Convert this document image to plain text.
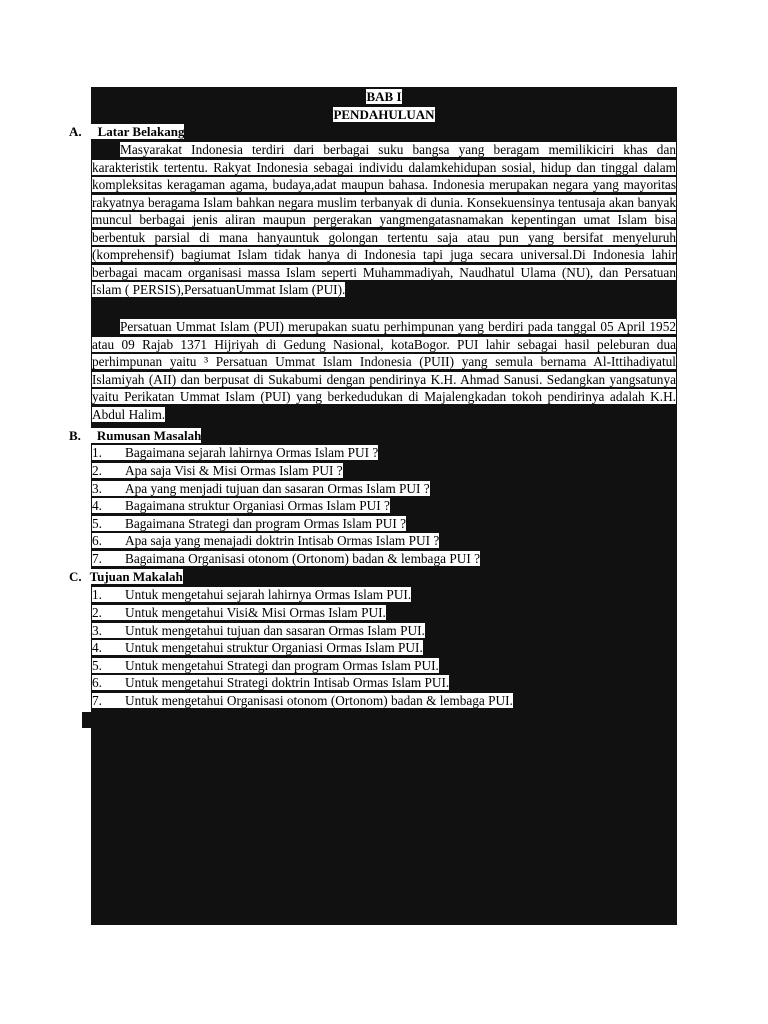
BAB I
PENDAHULUAN
A. Latar Belakang

Masyarakat Indonesia terdiri dari berbagai suku bangsa yang beragam memilikiciri khas dan karakteristik tertentu. Rakyat Indonesia sebagai individu dalamkehidupan sosial, hidup dan tinggal dalam kompleksitas keragaman agama, budaya,adat maupun bahasa. Indonesia merupakan negara yang mayoritas rakyatnya beragama Islam bahkan negara muslim terbanyak di dunia. Konsekuensinya tentusaja akan banyak muncul berbagai jenis aliran maupun pergerakan yangmengatasnamakan kepentingan umat Islam bisa berbentuk parsial di mana hanyauntuk golongan tertentu saja atau pun yang bersifat menyeluruh (komprehensif) bagiumat Islam tidak hanya di Indonesia tapi juga secara universal.Di Indonesia lahir berbagai macam organisasi massa Islam seperti Muhammadiyah, Naudhatul Ulama (NU), dan Persatuan Islam ( PERSIS),PersatuanUmmat Islam (PUI).

Persatuan Ummat Islam (PUI) merupakan suatu perhimpunan yang berdiri pada tanggal 05 April 1952 atau 09 Rajab 1371 Hijriyah di Gedung Nasional, kotaBogor. PUI lahir sebagai hasil peleburan dua perhimpunan yaitu ³ Persatuan Ummat Islam Indonesia (PUII) yang semula bernama Al-Ittihadiyatul Islamiyah (AII) dan berpusat di Sukabumi dengan pendirinya K.H. Ahmad Sanusi. Sedangkan yangsatunya yaitu Perikatan Ummat Islam (PUI) yang berkedudukan di Majalengkadan tokoh pendirinya adalah K.H. Abdul Halim.

B. Rumusan Masalah
1. Bagaimana sejarah lahirnya Ormas Islam PUI ?
2. Apa saja Visi & Misi Ormas Islam PUI ?
3. Apa yang menjadi tujuan dan sasaran Ormas Islam PUI ?
4. Bagaimana struktur Organiasi Ormas Islam PUI ?
5. Bagaimana Strategi dan program Ormas Islam PUI ?
6. Apa saja yang menajadi doktrin Intisab Ormas Islam PUI ?
7. Bagaimana Organisasi otonom (Ortonom) badan & lembaga PUI ?
C. Tujuan Makalah
1. Untuk mengetahui sejarah lahirnya Ormas Islam PUI.
2. Untuk mengetahui Visi& Misi Ormas Islam PUI.
3. Untuk mengetahui tujuan dan sasaran Ormas Islam PUI.
4. Untuk mengetahui struktur Organiasi Ormas Islam PUI.
5. Untuk mengetahui Strategi dan program Ormas Islam PUI.
6. Untuk mengetahui Strategi doktrin Intisab Ormas Islam PUI.
7. Untuk mengetahui Organisasi otonom (Ortonom) badan & lembaga PUI.
